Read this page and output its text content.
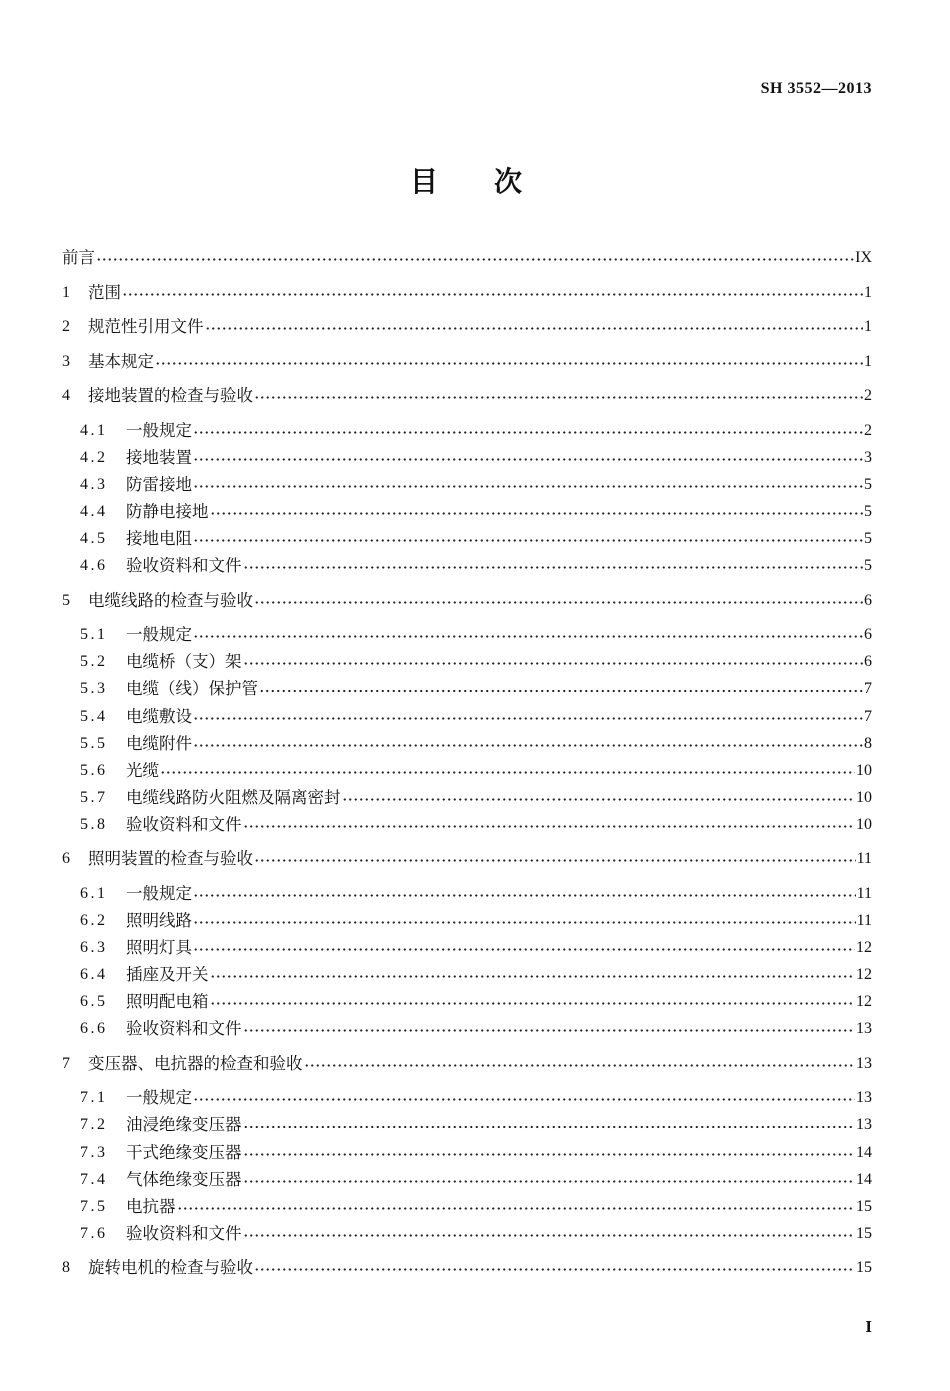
SH 3552—2013
目次
前言	IX
1	范围	1
2	规范性引用文件	1
3	基本规定	1
4	接地装置的检查与验收	2
4.1	一般规定	2
4.2	接地装置	3
4.3	防雷接地	5
4.4	防静电接地	5
4.5	接地电阻	5
4.6	验收资料和文件	5
5	电缆线路的检查与验收	6
5.1	一般规定	6
5.2	电缆桥（支）架	6
5.3	电缆（线）保护管	7
5.4	电缆敷设	7
5.5	电缆附件	8
5.6	光缆	10
5.7	电缆线路防火阻燃及隔离密封	10
5.8	验收资料和文件	10
6	照明装置的检查与验收	11
6.1	一般规定	11
6.2	照明线路	11
6.3	照明灯具	12
6.4	插座及开关	12
6.5	照明配电箱	12
6.6	验收资料和文件	13
7	变压器、电抗器的检查和验收	13
7.1	一般规定	13
7.2	油浸绝缘变压器	13
7.3	干式绝缘变压器	14
7.4	气体绝缘变压器	14
7.5	电抗器	15
7.6	验收资料和文件	15
8	旋转电机的检查与验收	15
I
